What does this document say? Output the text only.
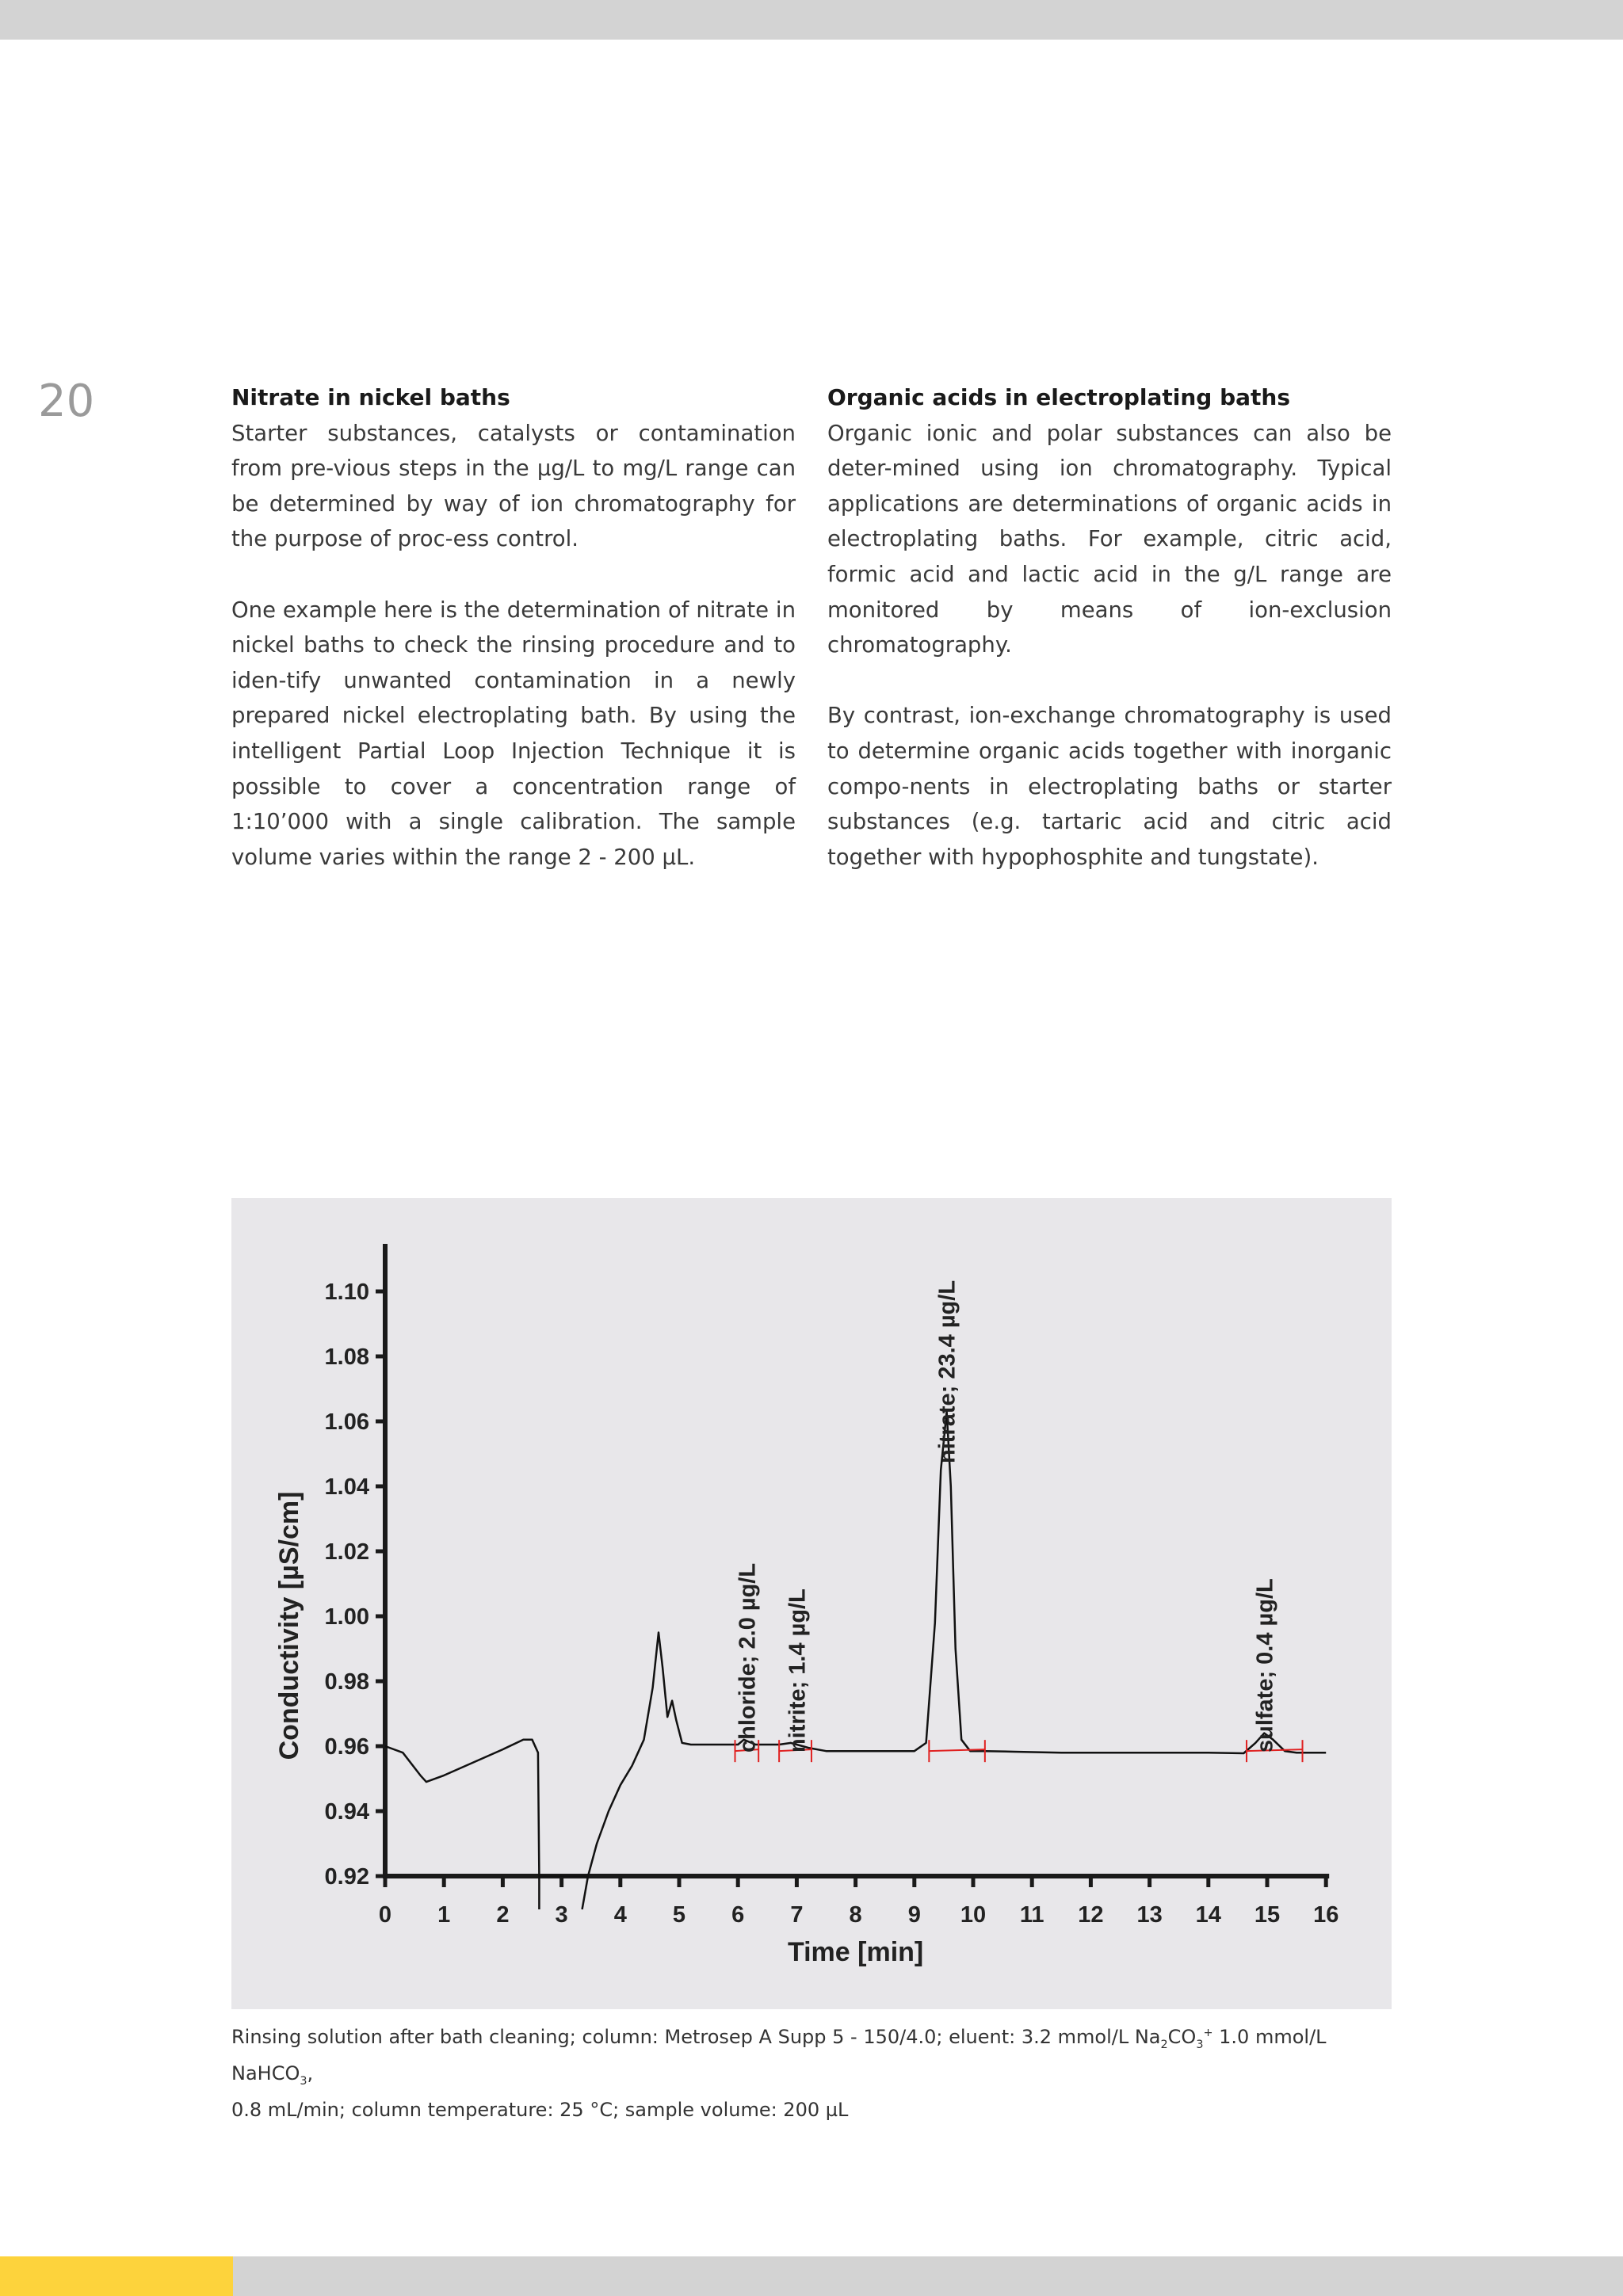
20	Nitrate in nickel baths

Starter substances, catalysts or contamination from pre-vious steps in the µg/L to mg/L range can be determined by way of ion chromatography for the purpose of proc-ess control.

One example here is the determination of nitrate in nickel baths to check the rinsing procedure and to iden-tify unwanted contamination in a newly prepared nickel electroplating bath. By using the intelligent Partial Loop Injection Technique it is possible to cover a concentration range of 1:10’000 with a single calibration. The sample volume varies within the range 2 - 200 µL.

Organic acids in electroplating baths

Organic ionic and polar substances can also be deter-mined using ion chromatography. Typical applications are determinations of organic acids in electroplating baths. For example, citric acid, formic acid and lactic acid in the g/L range are monitored by means of ion-exclusion chromatography.

By contrast, ion-exchange chromatography is used to determine organic acids together with inorganic compo-nents in electroplating baths or starter substances (e.g. tartaric acid and citric acid together with hypophosphite and tungstate).

0 1 2 3 4 5 6 7 8 9 10 11 12 13 14 15 16
0.92
0.94
0.96
0.98
1.00
1.02
1.04
1.06
1.08
1.10
Time [min]
Conductivity [µS/cm]	chloride; 2.0 µg/L nitrite; 1.4 µg/L
nitrate; 23.4 µg/L
sulfate; 0.4 µg/L
Rinsing solution after bath cleaning; column: Metrosep A Supp 5 - 150/4.0; eluent: 3.2 mmol/L $Na_2CO_3^+$ 1.0 mmol/L NaHCO$_3$,
0.8 mL/min; column temperature: 25 °C; sample volume: 200 µL
